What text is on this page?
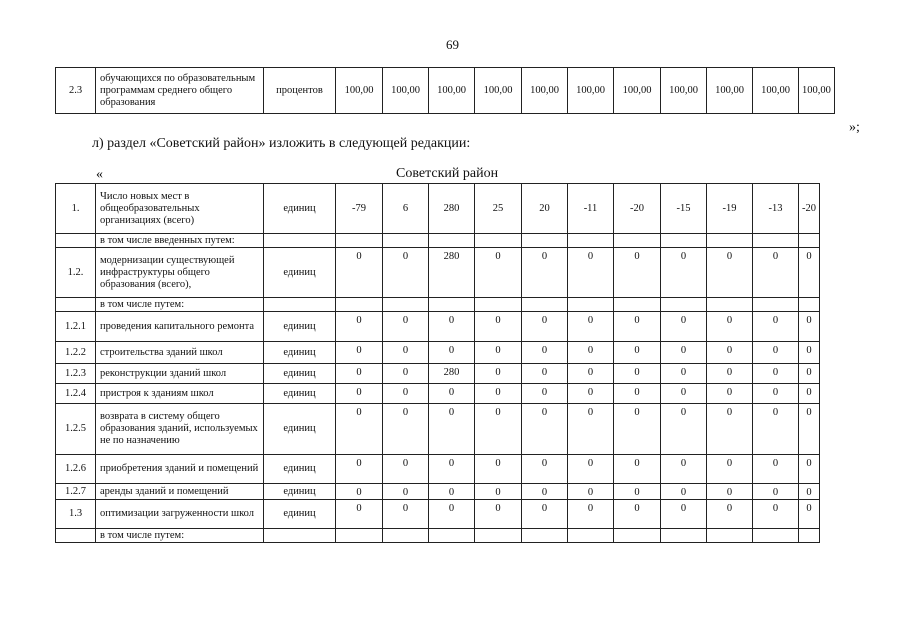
69
2.3	обучающихся по образовательным программам среднего общего образования	процентов	100,00	100,00	100,00	100,00	100,00	100,00	100,00	100,00	100,00	100,00	100,00
»;
л) раздел «Советский район» изложить в следующей редакции:
«	Советский район
1.	Число новых мест в общеобразовательных организациях (всего)	единиц	-79	6	280	25	20	-11	-20	-15	-19	-13	-20
	в том числе введенных путем:												
1.2.	модернизации существующей инфраструктуры общего образования (всего),	единиц	0	0	280	0	0	0	0	0	0	0	0
	в том числе путем:												
1.2.1	проведения капитального ремонта	единиц	0	0	0	0	0	0	0	0	0	0	0
1.2.2	строительства зданий школ	единиц	0	0	0	0	0	0	0	0	0	0	0
1.2.3	реконструкции зданий школ	единиц	0	0	280	0	0	0	0	0	0	0	0
1.2.4	пристроя к зданиям школ	единиц	0	0	0	0	0	0	0	0	0	0	0
1.2.5	возврата в систему общего образования зданий, используемых не по назначению	единиц	0	0	0	0	0	0	0	0	0	0	0
1.2.6	приобретения зданий и помещений	единиц	0	0	0	0	0	0	0	0	0	0	0
1.2.7	аренды зданий и помещений	единиц	0	0	0	0	0	0	0	0	0	0	0
1.3	оптимизации загруженности школ	единиц	0	0	0	0	0	0	0	0	0	0	0
	в том числе путем:												
